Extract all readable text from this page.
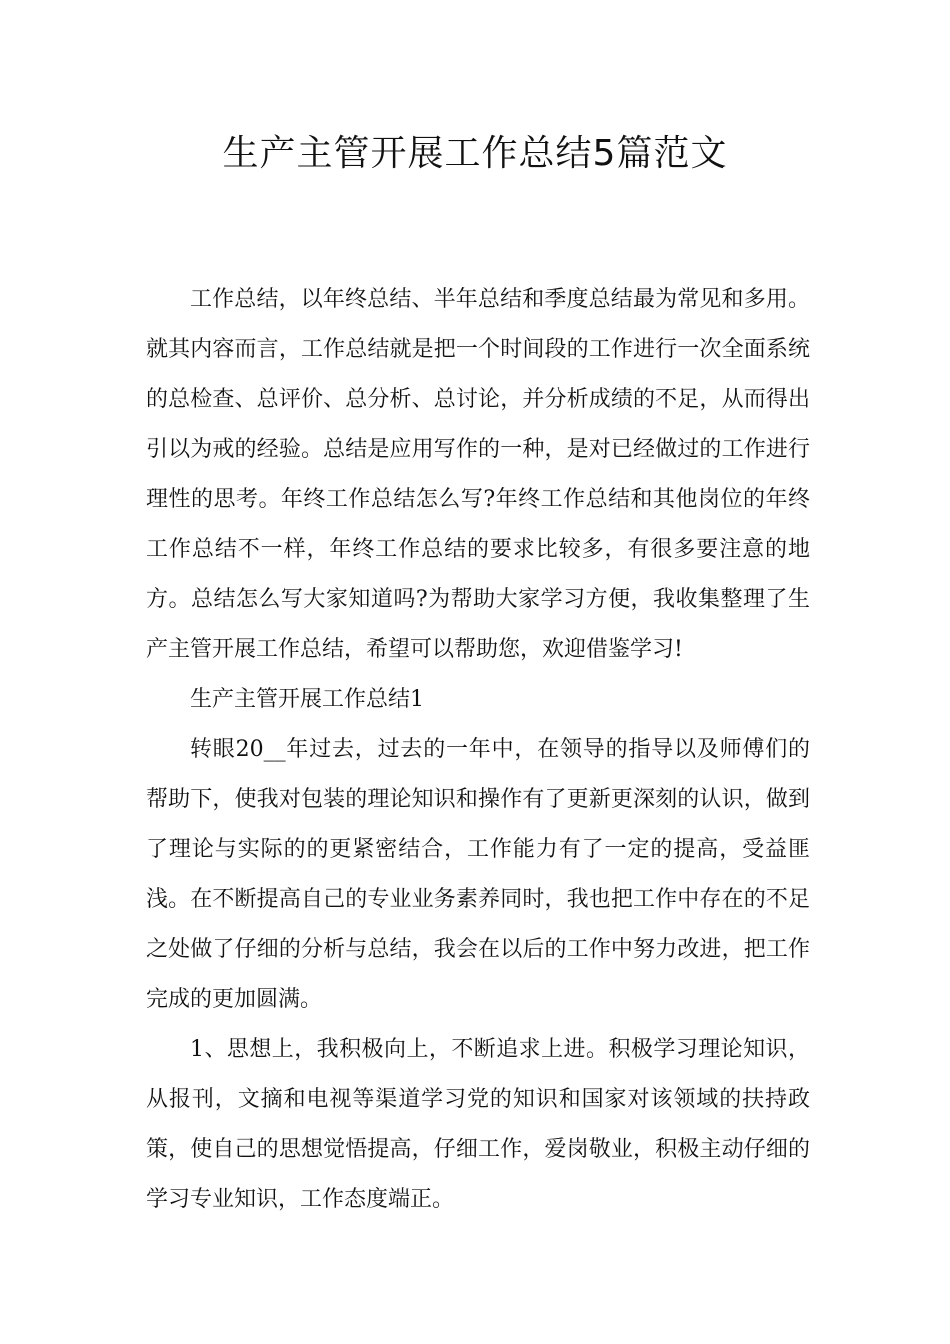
生产主管开展工作总结5篇范文

工作总结，以年终总结、半年总结和季度总结最为常见和多用。就其内容而言，工作总结就是把一个时间段的工作进行一次全面系统的总检查、总评价、总分析、总讨论，并分析成绩的不足，从而得出引以为戒的经验。总结是应用写作的一种，是对已经做过的工作进行理性的思考。年终工作总结怎么写?年终工作总结和其他岗位的年终工作总结不一样，年终工作总结的要求比较多，有很多要注意的地方。总结怎么写大家知道吗?为帮助大家学习方便，我收集整理了生产主管开展工作总结，希望可以帮助您，欢迎借鉴学习!

生产主管开展工作总结1

转眼20__年过去，过去的一年中，在领导的指导以及师傅们的帮助下，使我对包装的理论知识和操作有了更新更深刻的认识，做到了理论与实际的的更紧密结合，工作能力有了一定的提高，受益匪浅。在不断提高自己的专业业务素养同时，我也把工作中存在的不足之处做了仔细的分析与总结，我会在以后的工作中努力改进，把工作完成的更加圆满。

1、思想上，我积极向上，不断追求上进。积极学习理论知识，从报刊，文摘和电视等渠道学习党的知识和国家对该领域的扶持政策，使自己的思想觉悟提高，仔细工作，爱岗敬业，积极主动仔细的学习专业知识，工作态度端正。
